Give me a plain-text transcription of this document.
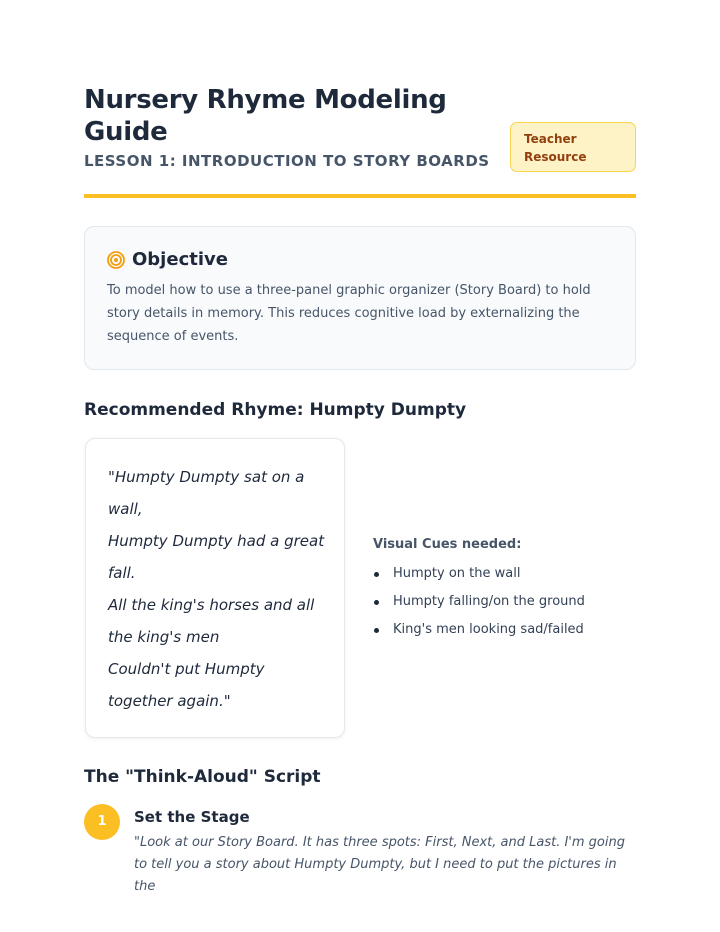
Nursery Rhyme Modeling Guide
LESSON 1: INTRODUCTION TO STORY BOARDS
Teacher Resource
Objective
To model how to use a three-panel graphic organizer (Story Board) to hold story details in memory. This reduces cognitive load by externalizing the sequence of events.
Recommended Rhyme: Humpty Dumpty

"Humpty Dumpty sat on a wall,

Humpty Dumpty had a great fall.

All the king's horses and all the king's men

Couldn't put Humpty together again."

Visual Cues needed:
Humpty on the wall
Humpty falling/on the ground
King's men looking sad/failed
The "Think-Aloud" Script
1	Set the Stage
"Look at our Story Board. It has three spots: First, Next, and Last. I'm going to tell you a story about Humpty Dumpty, but I need to put the pictures in the
